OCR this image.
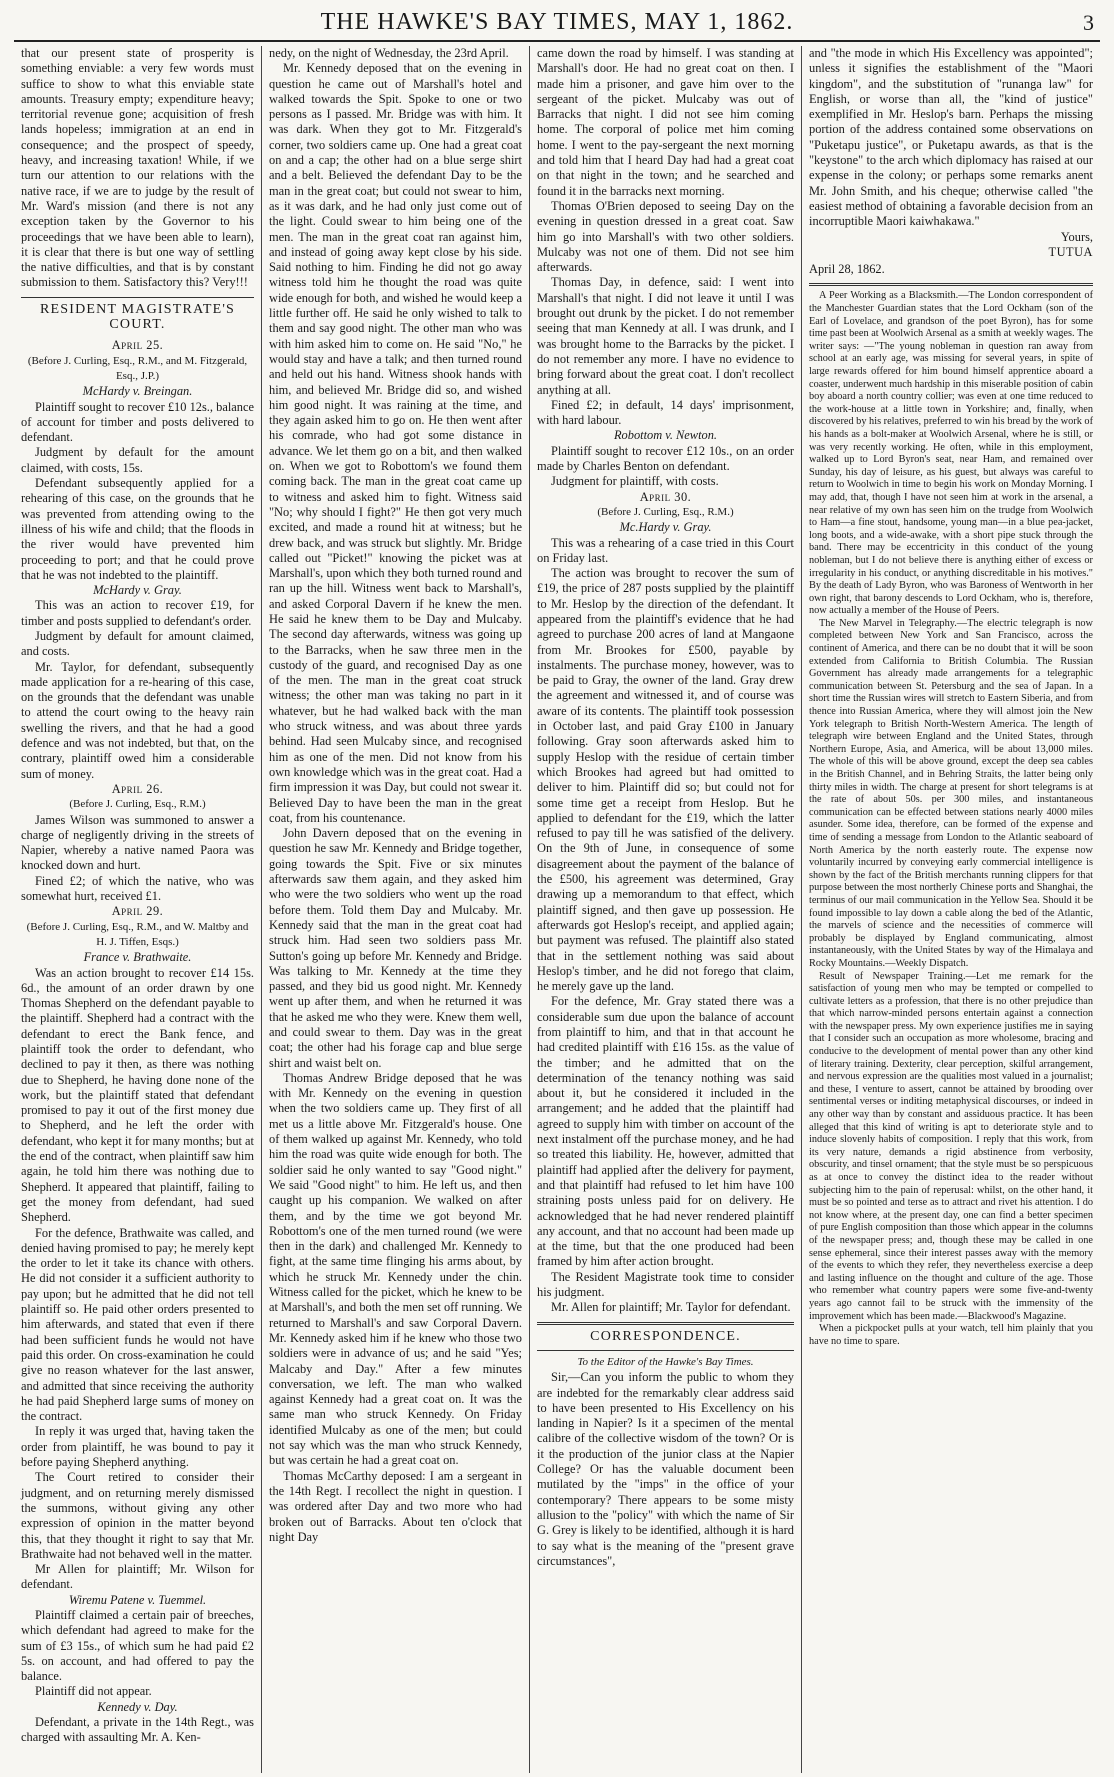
THE HAWKE'S BAY TIMES, MAY 1, 1862.	3

that our present state of prosperity is something enviable: a very few words must suffice to show to what this enviable state amounts. Treasury empty; expenditure heavy; territorial revenue gone; acquisition of fresh lands hopeless; immigration at an end in consequence; and the prospect of speedy, heavy, and increasing taxation! While, if we turn our attention to our relations with the native race, if we are to judge by the result of Mr. Ward's mission (and there is not any exception taken by the Governor to his proceedings that we have been able to learn), it is clear that there is but one way of settling the native difficulties, and that is by constant submission to them. Satisfactory this? Very!!!

RESIDENT MAGISTRATE'S COURT.

April 25.

(Before J. Curling, Esq., R.M., and M. Fitzgerald, Esq., J.P.)

McHardy v. Breingan.

Plaintiff sought to recover £10 12s., balance of account for timber and posts delivered to defendant.

Judgment by default for the amount claimed, with costs, 15s.

Defendant subsequently applied for a rehearing of this case, on the grounds that he was prevented from attending owing to the illness of his wife and child; that the floods in the river would have prevented him proceeding to port; and that he could prove that he was not indebted to the plaintiff.

McHardy v. Gray.

This was an action to recover £19, for timber and posts supplied to defendant's order.

Judgment by default for amount claimed, and costs.

Mr. Taylor, for defendant, subsequently made application for a re-hearing of this case, on the grounds that the defendant was unable to attend the court owing to the heavy rain swelling the rivers, and that he had a good defence and was not indebted, but that, on the contrary, plaintiff owed him a considerable sum of money.

April 26.

(Before J. Curling, Esq., R.M.)

James Wilson was summoned to answer a charge of negligently driving in the streets of Napier, whereby a native named Paora was knocked down and hurt.

Fined £2; of which the native, who was somewhat hurt, received £1.

April 29.

(Before J. Curling, Esq., R.M., and W. Maltby and H. J. Tiffen, Esqs.)

France v. Brathwaite.

Was an action brought to recover £14 15s. 6d., the amount of an order drawn by one Thomas Shepherd on the defendant payable to the plaintiff. Shepherd had a contract with the defendant to erect the Bank fence, and plaintiff took the order to defendant, who declined to pay it then, as there was nothing due to Shepherd, he having done none of the work, but the plaintiff stated that defendant promised to pay it out of the first money due to Shepherd, and he left the order with defendant, who kept it for many months; but at the end of the contract, when plaintiff saw him again, he told him there was nothing due to Shepherd. It appeared that plaintiff, failing to get the money from defendant, had sued Shepherd.

For the defence, Brathwaite was called, and denied having promised to pay; he merely kept the order to let it take its chance with others. He did not consider it a sufficient authority to pay upon; but he admitted that he did not tell plaintiff so. He paid other orders presented to him afterwards, and stated that even if there had been sufficient funds he would not have paid this order. On cross-examination he could give no reason whatever for the last answer, and admitted that since receiving the authority he had paid Shepherd large sums of money on the contract.

In reply it was urged that, having taken the order from plaintiff, he was bound to pay it before paying Shepherd anything.

The Court retired to consider their judgment, and on returning merely dismissed the summons, without giving any other expression of opinion in the matter beyond this, that they thought it right to say that Mr. Brathwaite had not behaved well in the matter.

Mr Allen for plaintiff; Mr. Wilson for defendant.

Wiremu Patene v. Tuemmel.

Plaintiff claimed a certain pair of breeches, which defendant had agreed to make for the sum of £3 15s., of which sum he had paid £2 5s. on account, and had offered to pay the balance.

Plaintiff did not appear.

Kennedy v. Day.

Defendant, a private in the 14th Regt., was charged with assaulting Mr. A. Ken-

nedy, on the night of Wednesday, the 23rd April.

Mr. Kennedy deposed that on the evening in question he came out of Marshall's hotel and walked towards the Spit. Spoke to one or two persons as I passed. Mr. Bridge was with him. It was dark. When they got to Mr. Fitzgerald's corner, two soldiers came up. One had a great coat on and a cap; the other had on a blue serge shirt and a belt. Believed the defendant Day to be the man in the great coat; but could not swear to him, as it was dark, and he had only just come out of the light. Could swear to him being one of the men. The man in the great coat ran against him, and instead of going away kept close by his side. Said nothing to him. Finding he did not go away witness told him he thought the road was quite wide enough for both, and wished he would keep a little further off. He said he only wished to talk to them and say good night. The other man who was with him asked him to come on. He said "No," he would stay and have a talk; and then turned round and held out his hand. Witness shook hands with him, and believed Mr. Bridge did so, and wished him good night. It was raining at the time, and they again asked him to go on. He then went after his comrade, who had got some distance in advance. We let them go on a bit, and then walked on. When we got to Robottom's we found them coming back. The man in the great coat came up to witness and asked him to fight. Witness said "No; why should I fight?" He then got very much excited, and made a round hit at witness; but he drew back, and was struck but slightly. Mr. Bridge called out "Picket!" knowing the picket was at Marshall's, upon which they both turned round and ran up the hill. Witness went back to Marshall's, and asked Corporal Davern if he knew the men. He said he knew them to be Day and Mulcaby. The second day afterwards, witness was going up to the Barracks, when he saw three men in the custody of the guard, and recognised Day as one of the men. The man in the great coat struck witness; the other man was taking no part in it whatever, but he had walked back with the man who struck witness, and was about three yards behind. Had seen Mulcaby since, and recognised him as one of the men. Did not know from his own knowledge which was in the great coat. Had a firm impression it was Day, but could not swear it. Believed Day to have been the man in the great coat, from his countenance.

John Davern deposed that on the evening in question he saw Mr. Kennedy and Bridge together, going towards the Spit. Five or six minutes afterwards saw them again, and they asked him who were the two soldiers who went up the road before them. Told them Day and Mulcaby. Mr. Kennedy said that the man in the great coat had struck him. Had seen two soldiers pass Mr. Sutton's going up before Mr. Kennedy and Bridge. Was talking to Mr. Kennedy at the time they passed, and they bid us good night. Mr. Kennedy went up after them, and when he returned it was that he asked me who they were. Knew them well, and could swear to them. Day was in the great coat; the other had his forage cap and blue serge shirt and waist belt on.

Thomas Andrew Bridge deposed that he was with Mr. Kennedy on the evening in question when the two soldiers came up. They first of all met us a little above Mr. Fitzgerald's house. One of them walked up against Mr. Kennedy, who told him the road was quite wide enough for both. The soldier said he only wanted to say "Good night." We said "Good night" to him. He left us, and then caught up his companion. We walked on after them, and by the time we got beyond Mr. Robottom's one of the men turned round (we were then in the dark) and challenged Mr. Kennedy to fight, at the same time flinging his arms about, by which he struck Mr. Kennedy under the chin. Witness called for the picket, which he knew to be at Marshall's, and both the men set off running. We returned to Marshall's and saw Corporal Davern. Mr. Kennedy asked him if he knew who those two soldiers were in advance of us; and he said "Yes; Malcaby and Day." After a few minutes conversation, we left. The man who walked against Kennedy had a great coat on. It was the same man who struck Kennedy. On Friday identified Mulcaby as one of the men; but could not say which was the man who struck Kennedy, but was certain he had a great coat on.

Thomas McCarthy deposed: I am a sergeant in the 14th Regt. I recollect the night in question. I was ordered after Day and two more who had broken out of Barracks. About ten o'clock that night Day

came down the road by himself. I was standing at Marshall's door. He had no great coat on then. I made him a prisoner, and gave him over to the sergeant of the picket. Mulcaby was out of Barracks that night. I did not see him coming home. The corporal of police met him coming home. I went to the pay-sergeant the next morning and told him that I heard Day had had a great coat on that night in the town; and he searched and found it in the barracks next morning.

Thomas O'Brien deposed to seeing Day on the evening in question dressed in a great coat. Saw him go into Marshall's with two other soldiers. Mulcaby was not one of them. Did not see him afterwards.

Thomas Day, in defence, said: I went into Marshall's that night. I did not leave it until I was brought out drunk by the picket. I do not remember seeing that man Kennedy at all. I was drunk, and I was brought home to the Barracks by the picket. I do not remember any more. I have no evidence to bring forward about the great coat. I don't recollect anything at all.

Fined £2; in default, 14 days' imprisonment, with hard labour.

Robottom v. Newton.

Plaintiff sought to recover £12 10s., on an order made by Charles Benton on defendant.

Judgment for plaintiff, with costs.

April 30.

(Before J. Curling, Esq., R.M.)

Mc.Hardy v. Gray.

This was a rehearing of a case tried in this Court on Friday last.

The action was brought to recover the sum of £19, the price of 287 posts supplied by the plaintiff to Mr. Heslop by the direction of the defendant. It appeared from the plaintiff's evidence that he had agreed to purchase 200 acres of land at Mangaone from Mr. Brookes for £500, payable by instalments. The purchase money, however, was to be paid to Gray, the owner of the land. Gray drew the agreement and witnessed it, and of course was aware of its contents. The plaintiff took possession in October last, and paid Gray £100 in January following. Gray soon afterwards asked him to supply Heslop with the residue of certain timber which Brookes had agreed but had omitted to deliver to him. Plaintiff did so; but could not for some time get a receipt from Heslop. But he applied to defendant for the £19, which the latter refused to pay till he was satisfied of the delivery. On the 9th of June, in consequence of some disagreement about the payment of the balance of the £500, his agreement was determined, Gray drawing up a memorandum to that effect, which plaintiff signed, and then gave up possession. He afterwards got Heslop's receipt, and applied again; but payment was refused. The plaintiff also stated that in the settlement nothing was said about Heslop's timber, and he did not forego that claim, he merely gave up the land.

For the defence, Mr. Gray stated there was a considerable sum due upon the balance of account from plaintiff to him, and that in that account he had credited plaintiff with £16 15s. as the value of the timber; and he admitted that on the determination of the tenancy nothing was said about it, but he considered it included in the arrangement; and he added that the plaintiff had agreed to supply him with timber on account of the next instalment off the purchase money, and he had so treated this liability. He, however, admitted that plaintiff had applied after the delivery for payment, and that plaintiff had refused to let him have 100 straining posts unless paid for on delivery. He acknowledged that he had never rendered plaintiff any account, and that no account had been made up at the time, but that the one produced had been framed by him after action brought.

The Resident Magistrate took time to consider his judgment.

Mr. Allen for plaintiff; Mr. Taylor for defendant.

CORRESPONDENCE.

To the Editor of the Hawke's Bay Times.

Sir,—Can you inform the public to whom they are indebted for the remarkably clear address said to have been presented to His Excellency on his landing in Napier? Is it a specimen of the mental calibre of the collective wisdom of the town? Or is it the production of the junior class at the Napier College? Or has the valuable document been mutilated by the "imps" in the office of your contemporary? There appears to be some misty allusion to the "policy" with which the name of Sir G. Grey is likely to be identified, although it is hard to say what is the meaning of the "present grave circumstances",

and "the mode in which His Excellency was appointed"; unless it signifies the establishment of the "Maori kingdom", and the substitution of "runanga law" for English, or worse than all, the "kind of justice" exemplified in Mr. Heslop's barn. Perhaps the missing portion of the address contained some observations on "Puketapu justice", or Puketapu awards, as that is the "keystone" to the arch which diplomacy has raised at our expense in the colony; or perhaps some remarks anent Mr. John Smith, and his cheque; otherwise called "the easiest method of obtaining a favorable decision from an incorruptible Maori kaiwhakawa."

Yours,

TUTUA

April 28, 1862.

A Peer Working as a Blacksmith.—The London correspondent of the Manchester Guardian states that the Lord Ockham (son of the Earl of Lovelace, and grandson of the poet Byron), has for some time past been at Woolwich Arsenal as a smith at weekly wages. The writer says: —"The young nobleman in question ran away from school at an early age, was missing for several years, in spite of large rewards offered for him bound himself apprentice aboard a coaster, underwent much hardship in this miserable position of cabin boy aboard a north country collier; was even at one time reduced to the work-house at a little town in Yorkshire; and, finally, when discovered by his relatives, preferred to win his bread by the work of his hands as a bolt-maker at Woolwich Arsenal, where he is still, or was very recently working. He often, while in this employment, walked up to Lord Byron's seat, near Ham, and remained over Sunday, his day of leisure, as his guest, but always was careful to return to Woolwich in time to begin his work on Monday Morning. I may add, that, though I have not seen him at work in the arsenal, a near relative of my own has seen him on the trudge from Woolwich to Ham—a fine stout, handsome, young man—in a blue pea-jacket, long boots, and a wide-awake, with a short pipe stuck through the band. There may be eccentricity in this conduct of the young nobleman, but I do not believe there is anything either of excess or irregularity in his conduct, or anything discreditable in his motives." By the death of Lady Byron, who was Baroness of Wentworth in her own right, that barony descends to Lord Ockham, who is, therefore, now actually a member of the House of Peers.

The New Marvel in Telegraphy.—The electric telegraph is now completed between New York and San Francisco, across the continent of America, and there can be no doubt that it will be soon extended from California to British Columbia. The Russian Government has already made arrangements for a telegraphic communication between St. Petersburg and the sea of Japan. In a short time the Russian wires will stretch to Eastern Siberia, and from thence into Russian America, where they will almost join the New York telegraph to British North-Western America. The length of telegraph wire between England and the United States, through Northern Europe, Asia, and America, will be about 13,000 miles. The whole of this will be above ground, except the deep sea cables in the British Channel, and in Behring Straits, the latter being only thirty miles in width. The charge at present for short telegrams is at the rate of about 50s. per 300 miles, and instantaneous communication can be effected between stations nearly 4000 miles asunder. Some idea, therefore, can be formed of the expense and time of sending a message from London to the Atlantic seaboard of North America by the north easterly route. The expense now voluntarily incurred by conveying early commercial intelligence is shown by the fact of the British merchants running clippers for that purpose between the most northerly Chinese ports and Shanghai, the terminus of our mail communication in the Yellow Sea. Should it be found impossible to lay down a cable along the bed of the Atlantic, the marvels of science and the necessities of commerce will probably be displayed by England communicating, almost instantaneously, with the United States by way of the Himalaya and Rocky Mountains.—Weekly Dispatch.

Result of Newspaper Training.—Let me remark for the satisfaction of young men who may be tempted or compelled to cultivate letters as a profession, that there is no other prejudice than that which narrow-minded persons entertain against a connection with the newspaper press. My own experience justifies me in saying that I consider such an occupation as more wholesome, bracing and conducive to the development of mental power than any other kind of literary training. Dexterity, clear perception, skilful arrangement, and nervous expression are the qualities most valued in a journalist; and these, I venture to assert, cannot be attained by brooding over sentimental verses or inditing metaphysical discourses, or indeed in any other way than by constant and assiduous practice. It has been alleged that this kind of writing is apt to deteriorate style and to induce slovenly habits of composition. I reply that this work, from its very nature, demands a rigid abstinence from verbosity, obscurity, and tinsel ornament; that the style must be so perspicuous as at once to convey the distinct idea to the reader without subjecting him to the pain of reperusal: whilst, on the other hand, it must be so pointed and terse as to attract and rivet his attention. I do not know where, at the present day, one can find a better specimen of pure English composition than those which appear in the columns of the newspaper press; and, though these may be called in one sense ephemeral, since their interest passes away with the memory of the events to which they refer, they nevertheless exercise a deep and lasting influence on the thought and culture of the age. Those who remember what country papers were some five-and-twenty years ago cannot fail to be struck with the immensity of the improvement which has been made.—Blackwood's Magazine.

When a pickpocket pulls at your watch, tell him plainly that you have no time to spare.
